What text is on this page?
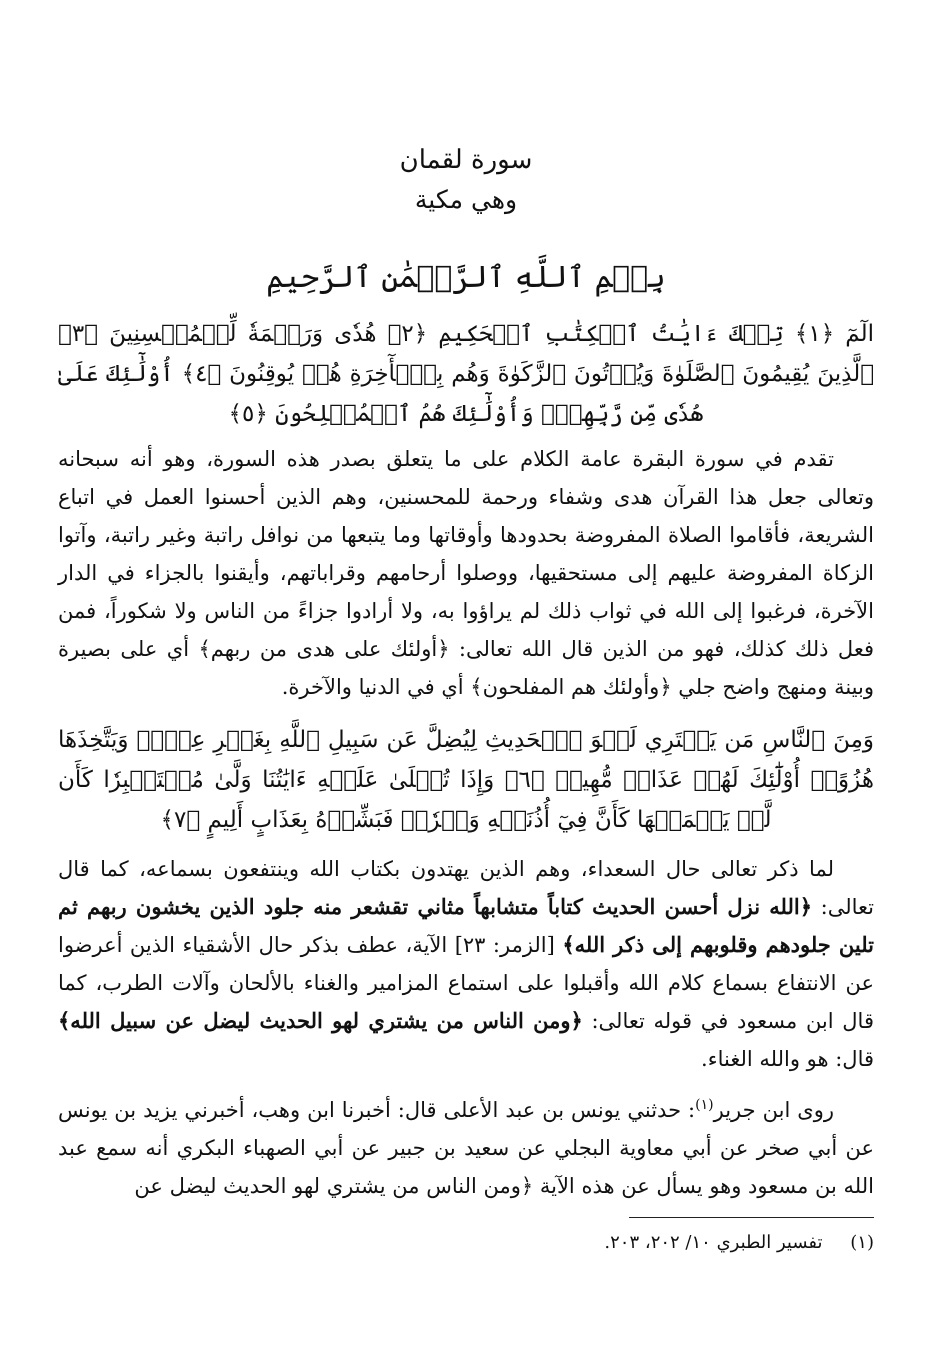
سورة لقمان
وهي مكية
بِسۡمِ ٱللَّهِ ٱلرَّحۡمَٰنِ ٱلرَّحِيمِ
الٓمٓ ﴿١﴾ تِلۡكَ ءَايَٰتُ ٱلۡكِتَٰبِ ٱلۡحَكِيمِ ﴿٢﴾ هُدٗى وَرَحۡمَةٗ لِّلۡمُحۡسِنِينَ ﴿٣﴾ ٱلَّذِينَ يُقِيمُونَ ٱلصَّلَوٰةَ وَيُؤۡتُونَ ٱلزَّكَوٰةَ وَهُم بِٱلۡأٓخِرَةِ هُمۡ يُوقِنُونَ ﴿٤﴾ أُوْلَٰٓئِكَ عَلَىٰ هُدٗى مِّن رَّبِّهِمۡۖ وَأُوْلَٰٓئِكَ هُمُ ٱلۡمُفۡلِحُونَ ﴿٥﴾

تقدم في سورة البقرة عامة الكلام على ما يتعلق بصدر هذه السورة، وهو أنه سبحانه وتعالى جعل هذا القرآن هدى وشفاء ورحمة للمحسنين، وهم الذين أحسنوا العمل في اتباع الشريعة، فأقاموا الصلاة المفروضة بحدودها وأوقاتها وما يتبعها من نوافل راتبة وغير راتبة، وآتوا الزكاة المفروضة عليهم إلى مستحقيها، ووصلوا أرحامهم وقراباتهم، وأيقنوا بالجزاء في الدار الآخرة، فرغبوا إلى الله في ثواب ذلك لم يراؤوا به، ولا أرادوا جزاءً من الناس ولا شكوراً، فمن فعل ذلك كذلك، فهو من الذين قال الله تعالى: ﴿أولئك على هدى من ربهم﴾ أي على بصيرة وبينة ومنهج واضح جلي ﴿وأولئك هم المفلحون﴾ أي في الدنيا والآخرة.

وَمِنَ ٱلنَّاسِ مَن يَشۡتَرِي لَهۡوَ ٱلۡحَدِيثِ لِيُضِلَّ عَن سَبِيلِ ٱللَّهِ بِغَيۡرِ عِلۡمٖ وَيَتَّخِذَهَا هُزُوًاۚ أُوْلَٰٓئِكَ لَهُمۡ عَذَابٞ مُّهِينٞ ﴿٦﴾ وَإِذَا تُتۡلَىٰ عَلَيۡهِ ءَايَٰتُنَا وَلَّىٰ مُسۡتَكۡبِرٗا كَأَن لَّمۡ يَسۡمَعۡهَا كَأَنَّ فِيٓ أُذُنَيۡهِ وَقۡرٗاۖ فَبَشِّرۡهُ بِعَذَابٍ أَلِيمٍ ﴿٧﴾

لما ذكر تعالى حال السعداء، وهم الذين يهتدون بكتاب الله وينتفعون بسماعه، كما قال تعالى: ﴿الله نزل أحسن الحديث كتاباً متشابهاً مثاني تقشعر منه جلود الذين يخشون ربهم ثم تلين جلودهم وقلوبهم إلى ذكر الله﴾ [الزمر: ٢٣] الآية، عطف بذكر حال الأشقياء الذين أعرضوا عن الانتفاع بسماع كلام الله وأقبلوا على استماع المزامير والغناء بالألحان وآلات الطرب، كما قال ابن مسعود في قوله تعالى: ﴿ومن الناس من يشتري لهو الحديث ليضل عن سبيل الله﴾ قال: هو والله الغناء.

روى ابن جرير$^{(١)}$: حدثني يونس بن عبد الأعلى قال: أخبرنا ابن وهب، أخبرني يزيد بن يونس عن أبي صخر عن أبي معاوية البجلي عن سعيد بن جبير عن أبي الصهباء البكري أنه سمع عبد الله بن مسعود وهو يسأل عن هذه الآية ﴿ومن الناس من يشتري لهو الحديث ليضل عن

(١) تفسير الطبري ١٠/ ٢٠٢، ٢٠٣.
